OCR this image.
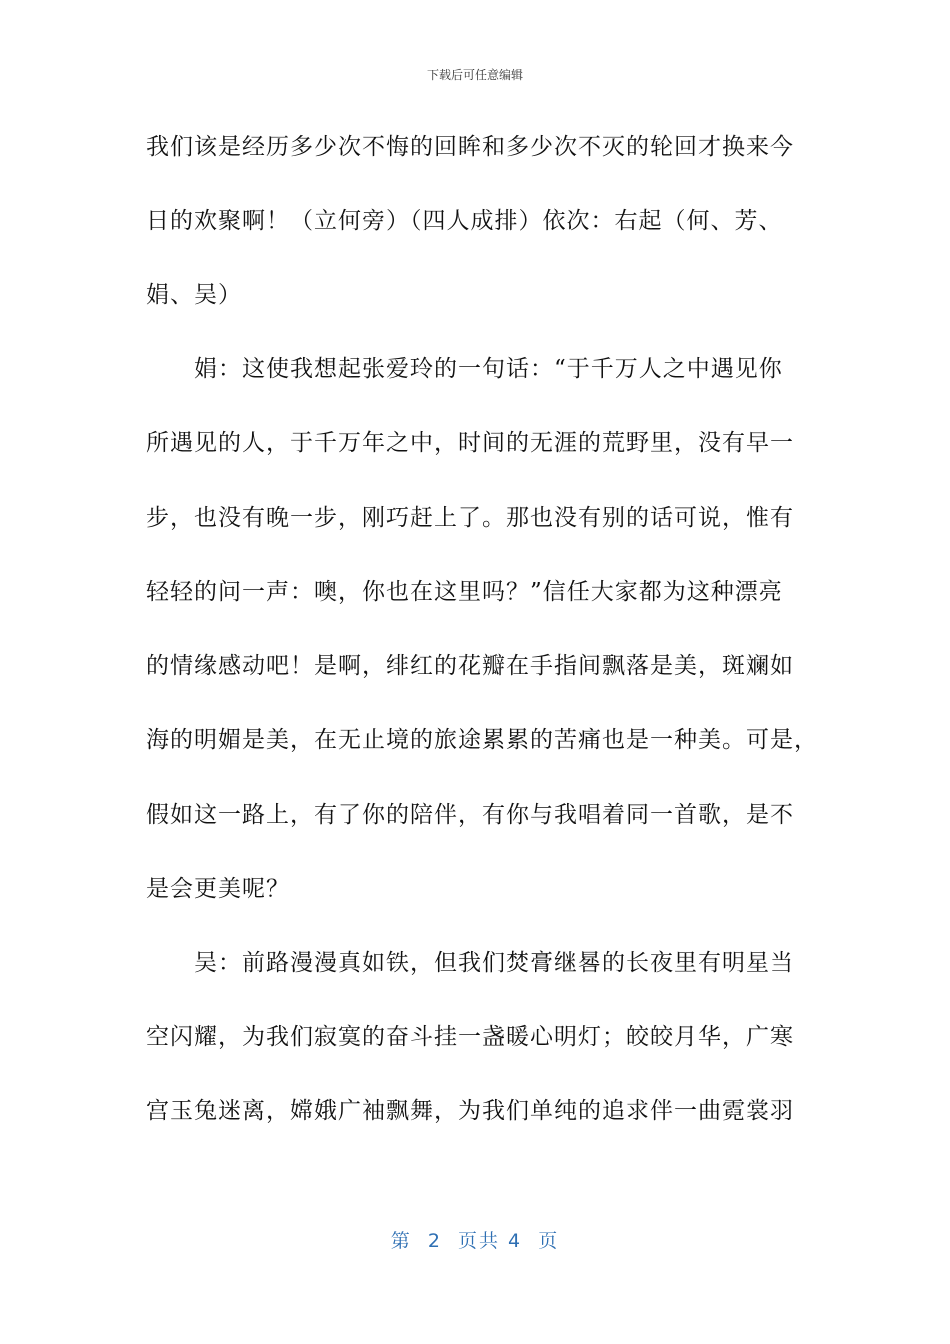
下载后可任意编辑
我们该是经历多少次不悔的回眸和多少次不灭的轮回才换来今
日的欢聚啊！（立何旁）（四人成排）依次：右起（何、芳、
娟、吴）
　　娟：这使我想起张爱玲的一句话：“于千万人之中遇见你
所遇见的人，于千万年之中，时间的无涯的荒野里，没有早一
步，也没有晚一步，刚巧赶上了。那也没有别的话可说，惟有
轻轻的问一声：噢，你也在这里吗？”信任大家都为这种漂亮
的情缘感动吧！是啊，绯红的花瓣在手指间飘落是美，斑斓如
海的明媚是美，在无止境的旅途累累的苦痛也是一种美。可是，
假如这一路上，有了你的陪伴，有你与我唱着同一首歌，是不
是会更美呢？
　　吴：前路漫漫真如铁，但我们焚膏继晷的长夜里有明星当
空闪耀，为我们寂寞的奋斗挂一盏暖心明灯；皎皎月华，广寒
宫玉兔迷离，嫦娥广袖飘舞，为我们单纯的追求伴一曲霓裳羽
第  2  页共 4  页
